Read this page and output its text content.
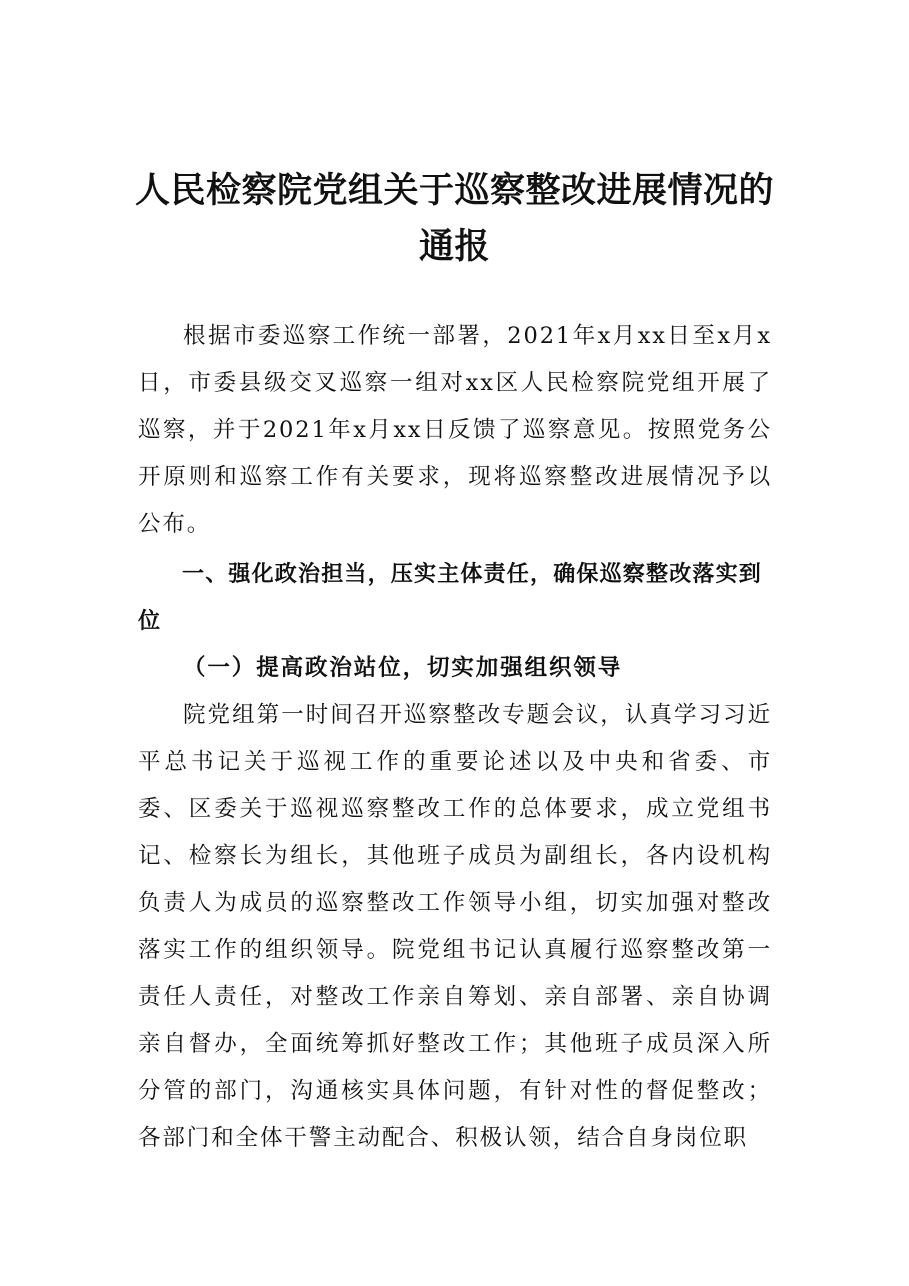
人民检察院党组关于巡察整改进展情况的通报

根据市委巡察工作统一部署，2021年x月xx日至x月x日，市委县级交叉巡察一组对xx区人民检察院党组开展了巡察，并于2021年x月xx日反馈了巡察意见。按照党务公开原则和巡察工作有关要求，现将巡察整改进展情况予以公布。

一、强化政治担当，压实主体责任，确保巡察整改落实到位
（一）提高政治站位，切实加强组织领导

院党组第一时间召开巡察整改专题会议，认真学习习近平总书记关于巡视工作的重要论述以及中央和省委、市委、区委关于巡视巡察整改工作的总体要求，成立党组书记、检察长为组长，其他班子成员为副组长，各内设机构负责人为成员的巡察整改工作领导小组，切实加强对整改落实工作的组织领导。院党组书记认真履行巡察整改第一责任人责任，对整改工作亲自筹划、亲自部署、亲自协调亲自督办，全面统筹抓好整改工作；其他班子成员深入所分管的部门，沟通核实具体问题，有针对性的督促整改；各部门和全体干警主动配合、积极认领，结合自身岗位职
